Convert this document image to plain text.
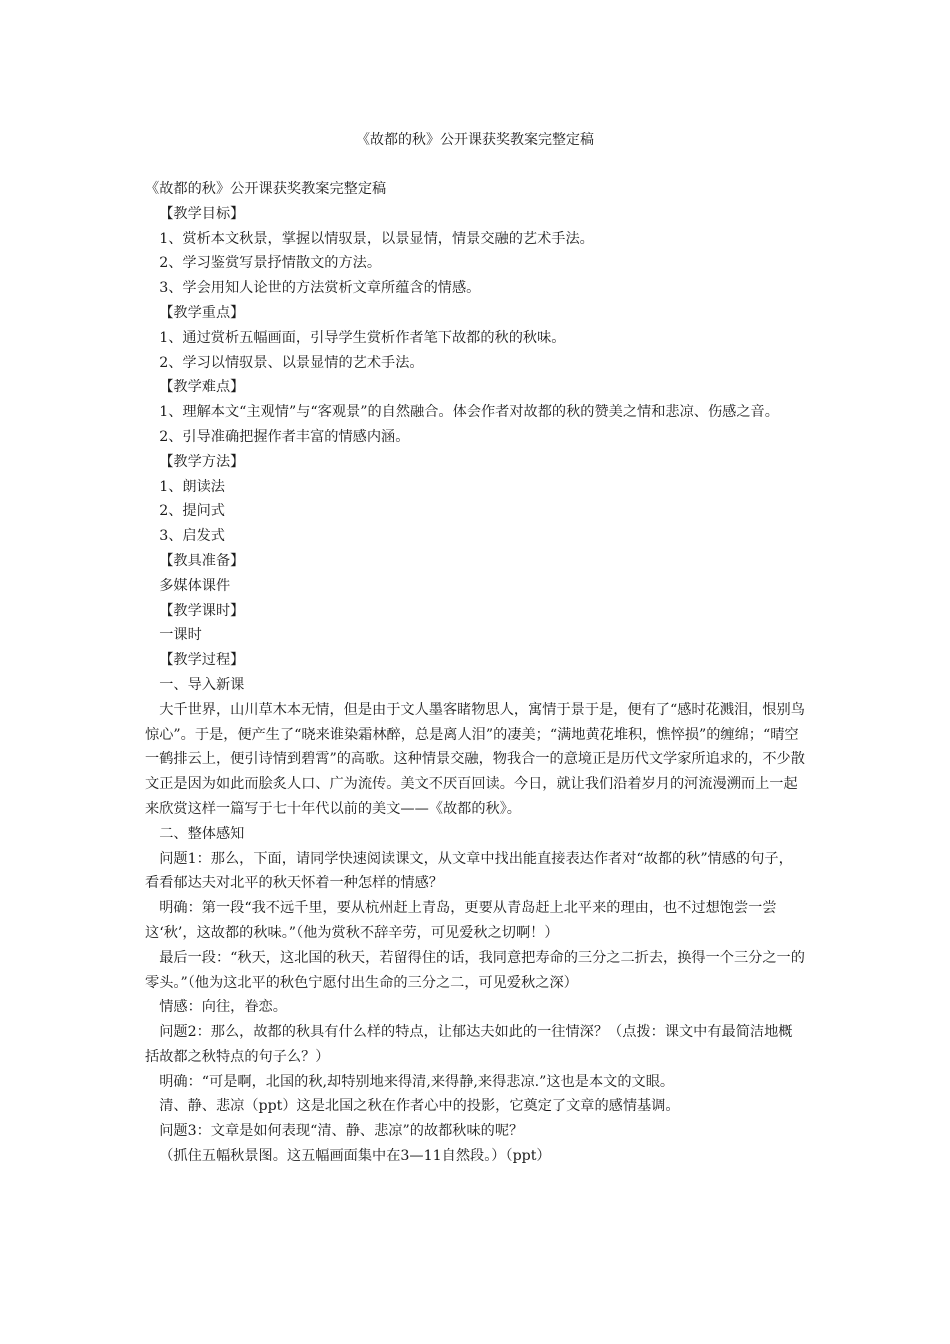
《故都的秋》公开课获奖教案完整定稿

《故都的秋》公开课获奖教案完整定稿

【教学目标】

1、赏析本文秋景，掌握以情驭景，以景显情，情景交融的艺术手法。

2、学习鉴赏写景抒情散文的方法。

3、学会用知人论世的方法赏析文章所蕴含的情感。

【教学重点】

1、通过赏析五幅画面，引导学生赏析作者笔下故都的秋的秋味。

2、学习以情驭景、以景显情的艺术手法。

【教学难点】

1、理解本文“主观情”与“客观景”的自然融合。体会作者对故都的秋的赞美之情和悲凉、伤感之音。

2、引导准确把握作者丰富的情感内涵。

【教学方法】

1、朗读法

2、提问式

3、启发式

【教具准备】

多媒体课件

【教学课时】

一课时

【教学过程】

一、导入新课

大千世界，山川草木本无情，但是由于文人墨客睹物思人，寓情于景于是，便有了“感时花溅泪，恨别鸟惊心”。于是，便产生了“晓来谁染霜林醉，总是离人泪”的凄美；“满地黄花堆积，憔悴损”的缠绵；“晴空一鹤排云上，便引诗情到碧霄”的高歌。这种情景交融，物我合一的意境正是历代文学家所追求的，不少散文正是因为如此而脍炙人口、广为流传。美文不厌百回读。今日，就让我们沿着岁月的河流漫溯而上一起来欣赏这样一篇写于七十年代以前的美文——《故都的秋》。

二、整体感知

问题1：那么，下面，请同学快速阅读课文，从文章中找出能直接表达作者对“故都的秋”情感的句子，看看郁达夫对北平的秋天怀着一种怎样的情感？

明确：第一段“我不远千里，要从杭州赶上青岛，更要从青岛赶上北平来的理由，也不过想饱尝一尝这‘秋’，这故都的秋味。”（他为赏秋不辞辛劳，可见爱秋之切啊！）

最后一段：“秋天，这北国的秋天，若留得住的话，我同意把寿命的三分之二折去，换得一个三分之一的零头。”（他为这北平的秋色宁愿付出生命的三分之二，可见爱秋之深）

情感：向往，眷恋。

问题2：那么，故都的秋具有什么样的特点，让郁达夫如此的一往情深？（点拨：课文中有最简洁地概括故都之秋特点的句子么？）

明确：“可是啊，北国的秋,却特别地来得清,来得静,来得悲凉.”这也是本文的文眼。

清、静、悲凉（ppt）这是北国之秋在作者心中的投影，它奠定了文章的感情基调。

问题3：文章是如何表现“清、静、悲凉”的故都秋味的呢？

（抓住五幅秋景图。这五幅画面集中在3—11自然段。）（ppt）
